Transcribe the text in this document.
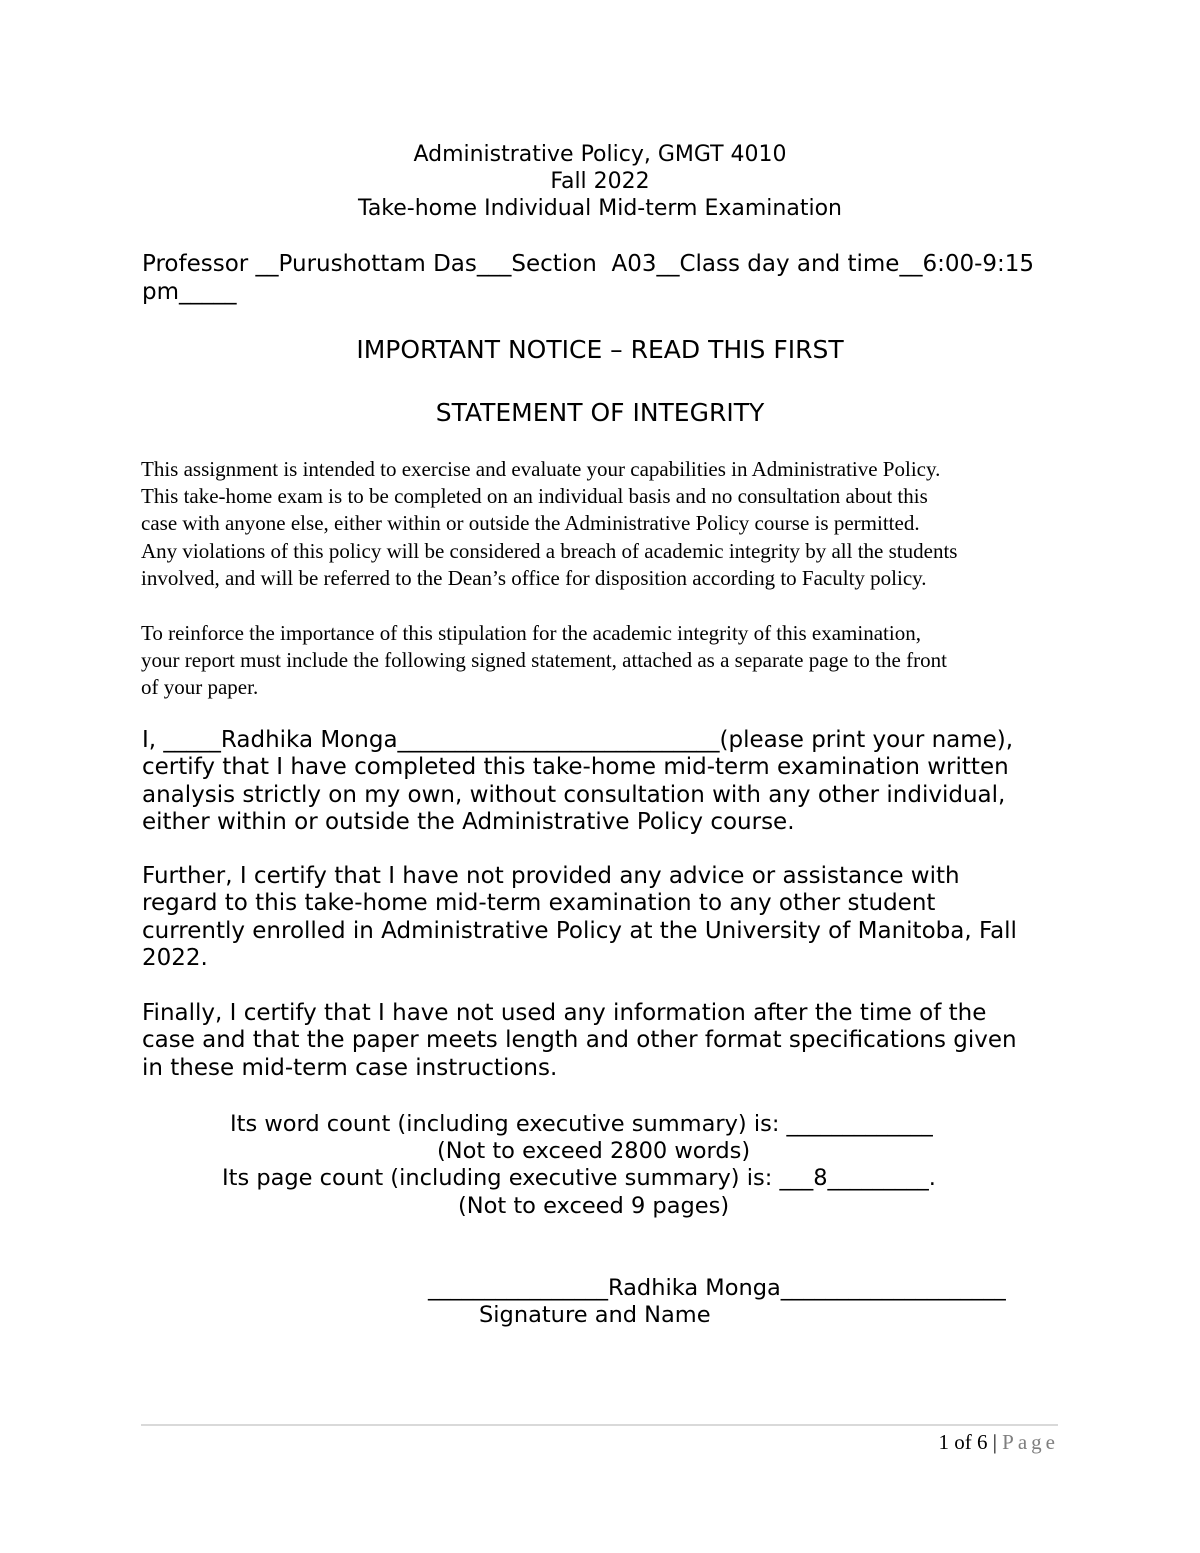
Administrative Policy, GMGT 4010
Fall 2022
Take-home Individual Mid-term Examination
Professor __Purushottam Das___Section  A03__Class day and time__6:00-9:15
pm_____
IMPORTANT NOTICE – READ THIS FIRST
STATEMENT OF INTEGRITY
This assignment is intended to exercise and evaluate your capabilities in Administrative Policy.
This take-home exam is to be completed on an individual basis and no consultation about this
case with anyone else, either within or outside the Administrative Policy course is permitted.
Any violations of this policy will be considered a breach of academic integrity by all the students
involved, and will be referred to the Dean’s office for disposition according to Faculty policy.
To reinforce the importance of this stipulation for the academic integrity of this examination,
your report must include the following signed statement, attached as a separate page to the front
of your paper.
I, _____Radhika Monga____________________________(please print your name),
certify that I have completed this take-home mid-term examination written
analysis strictly on my own, without consultation with any other individual,
either within or outside the Administrative Policy course.
Further, I certify that I have not provided any advice or assistance with
regard to this take-home mid-term examination to any other student
currently enrolled in Administrative Policy at the University of Manitoba, Fall
2022.
Finally, I certify that I have not used any information after the time of the
case and that the paper meets length and other format specifications given
in these mid-term case instructions.
Its word count (including executive summary) is: _____________
(Not to exceed 2800 words)
Its page count (including executive summary) is: ___8_________.
(Not to exceed 9 pages)
________________Radhika Monga____________________
Signature and Name
1 of 6 | Page
